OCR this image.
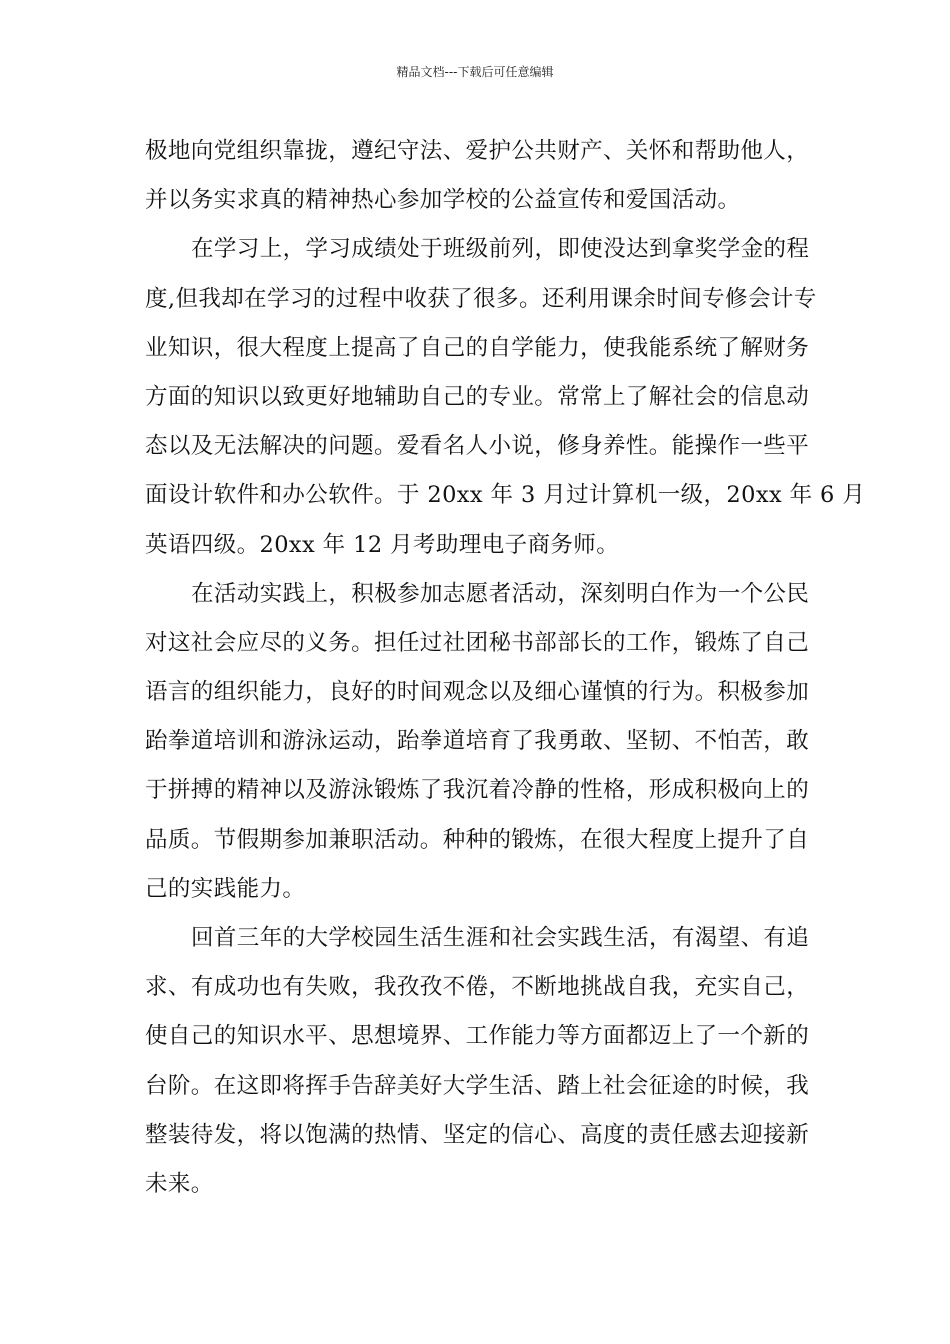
精品文档---下载后可任意编辑
极地向党组织靠拢，遵纪守法、爱护公共财产、关怀和帮助他人，
并以务实求真的精神热心参加学校的公益宣传和爱国活动。
在学习上，学习成绩处于班级前列，即使没达到拿奖学金的程
度,但我却在学习的过程中收获了很多。还利用课余时间专修会计专
业知识，很大程度上提高了自己的自学能力，使我能系统了解财务
方面的知识以致更好地辅助自己的专业。常常上了解社会的信息动
态以及无法解决的问题。爱看名人小说，修身养性。能操作一些平
面设计软件和办公软件。于 20xx 年 3 月过计算机一级，20xx 年 6 月
英语四级。20xx 年 12 月考助理电子商务师。
在活动实践上，积极参加志愿者活动，深刻明白作为一个公民
对这社会应尽的义务。担任过社团秘书部部长的工作，锻炼了自己
语言的组织能力，良好的时间观念以及细心谨慎的行为。积极参加
跆拳道培训和游泳运动，跆拳道培育了我勇敢、坚韧、不怕苦，敢
于拼搏的精神以及游泳锻炼了我沉着冷静的性格，形成积极向上的
品质。节假期参加兼职活动。种种的锻炼，在很大程度上提升了自
己的实践能力。
回首三年的大学校园生活生涯和社会实践生活，有渴望、有追
求、有成功也有失败，我孜孜不倦，不断地挑战自我，充实自己，
使自己的知识水平、思想境界、工作能力等方面都迈上了一个新的
台阶。在这即将挥手告辞美好大学生活、踏上社会征途的时候，我
整装待发，将以饱满的热情、坚定的信心、高度的责任感去迎接新
未来。
